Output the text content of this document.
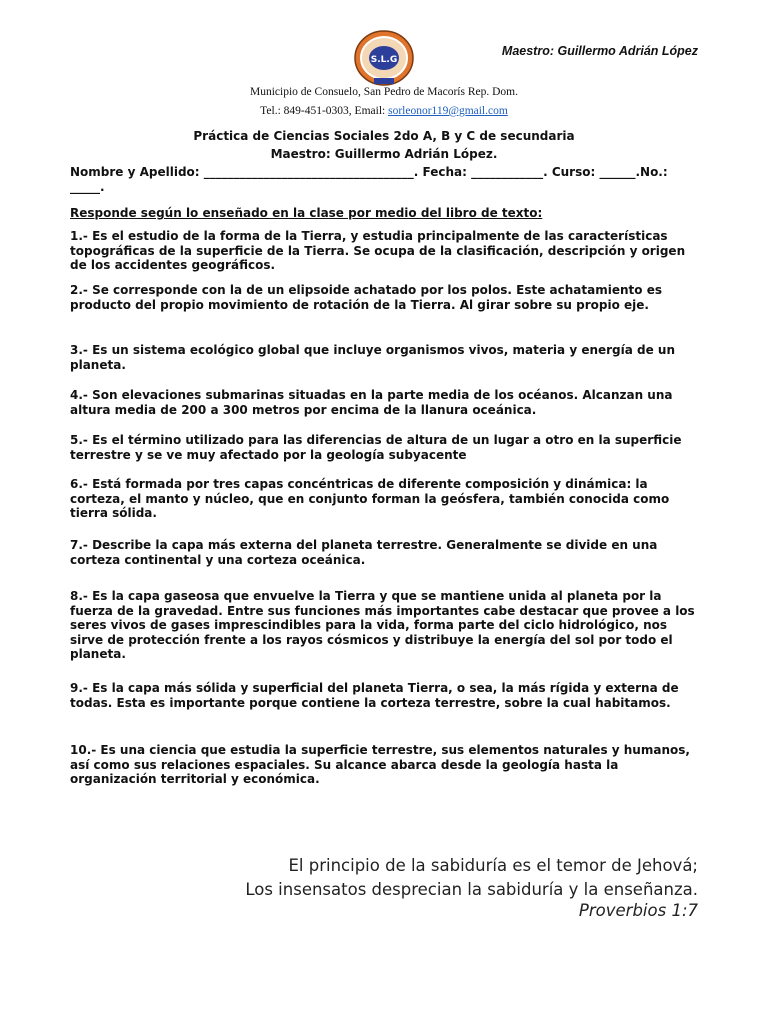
Maestro: Guillermo Adrián López
S.L.G
Municipio de Consuelo, San Pedro de Macorís Rep. Dom.
Tel.: 849-451-0303, Email: sorleonor119@gmail.com
Práctica de Ciencias Sociales 2do A, B y C de secundaria
Maestro: Guillermo Adrián López.
Nombre y Apellido: ___________________________________. Fecha: ____________. Curso: ______.No.: _____.
Responde según lo enseñado en la clase por medio del libro de texto:

1.- Es el estudio de la forma de la Tierra, y estudia principalmente de las características topográficas de la superficie de la Tierra. Se ocupa de la clasificación, descripción y origen de los accidentes geográficos.

2.- Se corresponde con la de un elipsoide achatado por los polos. Este achatamiento es producto del propio movimiento de rotación de la Tierra. Al girar sobre su propio eje.

3.- Es un sistema ecológico global que incluye organismos vivos, materia y energía de un planeta.

4.- Son elevaciones submarinas situadas en la parte media de los océanos. Alcanzan una altura media de 200 a 300 metros por encima de la llanura oceánica.

5.- Es el término utilizado para las diferencias de altura de un lugar a otro en la superficie terrestre y se ve muy afectado por la geología subyacente

6.- Está formada por tres capas concéntricas de diferente composición y dinámica: la corteza, el manto y núcleo, que en conjunto forman la geósfera, también conocida como tierra sólida.

7.- Describe la capa más externa del planeta terrestre. Generalmente se divide en una corteza continental y una corteza oceánica.

8.- Es la capa gaseosa que envuelve la Tierra y que se mantiene unida al planeta por la fuerza de la gravedad. Entre sus funciones más importantes cabe destacar que provee a los seres vivos de gases imprescindibles para la vida, forma parte del ciclo hidrológico, nos sirve de protección frente a los rayos cósmicos y distribuye la energía del sol por todo el planeta.

9.- Es la capa más sólida y superficial del planeta Tierra, o sea, la más rígida y externa de todas. Esta es importante porque contiene la corteza terrestre, sobre la cual habitamos.

10.- Es una ciencia que estudia la superficie terrestre, sus elementos naturales y humanos, así como sus relaciones espaciales. Su alcance abarca desde la geología hasta la organización territorial y económica.

El principio de la sabiduría es el temor de Jehová;
Los insensatos desprecian la sabiduría y la enseñanza.
Proverbios 1:7
